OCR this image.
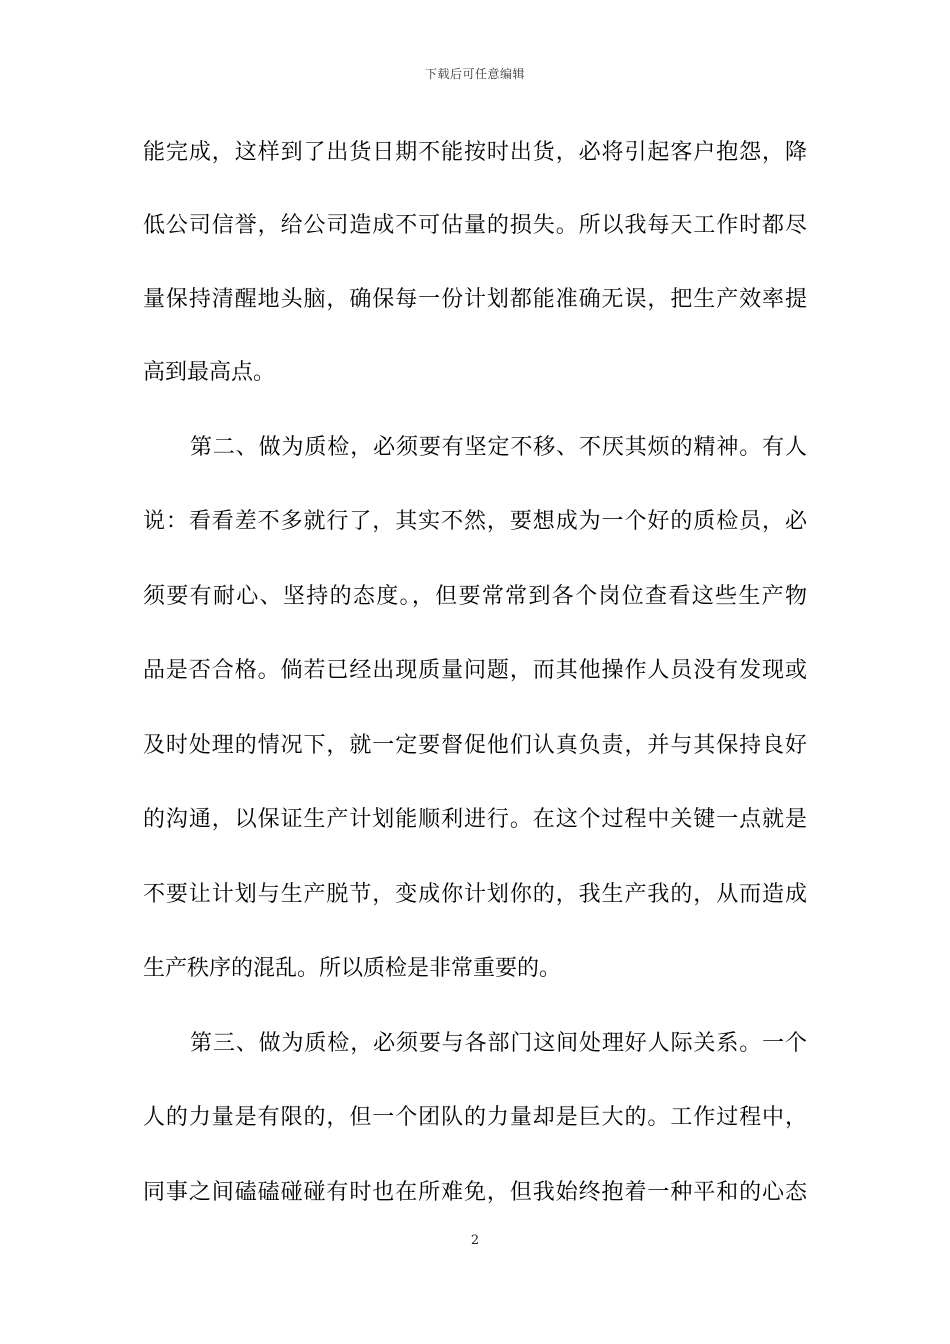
下载后可任意编辑
能完成，这样到了出货日期不能按时出货，必将引起客户抱怨，降
低公司信誉，给公司造成不可估量的损失。所以我每天工作时都尽
量保持清醒地头脑，确保每一份计划都能准确无误，把生产效率提
高到最高点。
第二、做为质检，必须要有坚定不移、不厌其烦的精神。有人
说：看看差不多就行了，其实不然，要想成为一个好的质检员，必
须要有耐心、坚持的态度。，但要常常到各个岗位查看这些生产物
品是否合格。倘若已经出现质量问题，而其他操作人员没有发现或
及时处理的情况下，就一定要督促他们认真负责，并与其保持良好
的沟通，以保证生产计划能顺利进行。在这个过程中关键一点就是
不要让计划与生产脱节，变成你计划你的，我生产我的，从而造成
生产秩序的混乱。所以质检是非常重要的。
第三、做为质检，必须要与各部门这间处理好人际关系。一个
人的力量是有限的，但一个团队的力量却是巨大的。工作过程中，
同事之间磕磕碰碰有时也在所难免，但我始终抱着一种平和的心态
2
